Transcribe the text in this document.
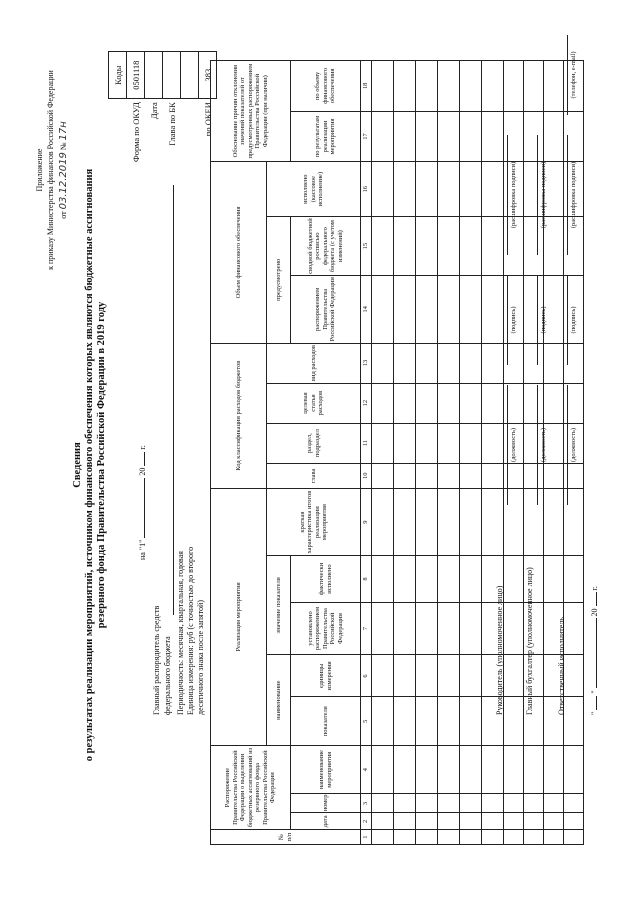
Приложение к приказу Министерства финансов Российской Федерации от 03.12.2019 № 17н
Сведения о результатах реализации мероприятий, источником финансового обеспечения которых являются бюджетные ассигнования резервного фонда Правительства Российской Федерации в 2019 году	на "1"  20  г.
	Коды
Форма по ОКУД	0501118
Дата	
Глава по БК	

по ОКЕИ	383
Главный распорядитель средств федерального бюджета Периодичность: месячная, квартальная, годовая Единица измерения: руб (с точностью до второго десятичного знака после запятой)
№ п/п	Распоряжение Правительства Российской Федерации о выделении бюджетных ассигнований из резервного фонда Правительства Российской Федерации			Реализация мероприятия					Код классификации расходов бюджетов				Объем финансового обеспечения			Обоснование причин отклонения значений показателей от предусмотренных распоряжением Правительства Российской Федерации (при наличии)	
				наименование		значение показателя		краткая характеристика итогов реализации мероприятия	глава	раздел, подраздел	целевая статья расходов	вид расходов	предусмотрено		исполнено (кассовое исполнение)		
	дата	номер	наименование мероприятия	показателя	единицы измерения	установлено распоряжением Правительства Российской Федерации	фактически исполнено						распоряжением Правительства Российской Федерации	сводной бюджетной росписью федерального бюджета (с учетом изменений)		по результатам реализации мероприятия	по объему финансового обеспечения
1	2	3	4	5	6	7	8	9	10	11	12	13	14	15	16	17	18

Руководитель (уполномоченное лицо)
(должность)
(подпись)
(расшифровка подписи)
Главный бухгалтер (уполномоченное лицо)
(должность)
(подпись)
(расшифровка подписи)
Ответственный исполнитель
(должность)
(подпись)
(расшифровка подписи)
(телефон, e-mail)
"  "  20  г.
